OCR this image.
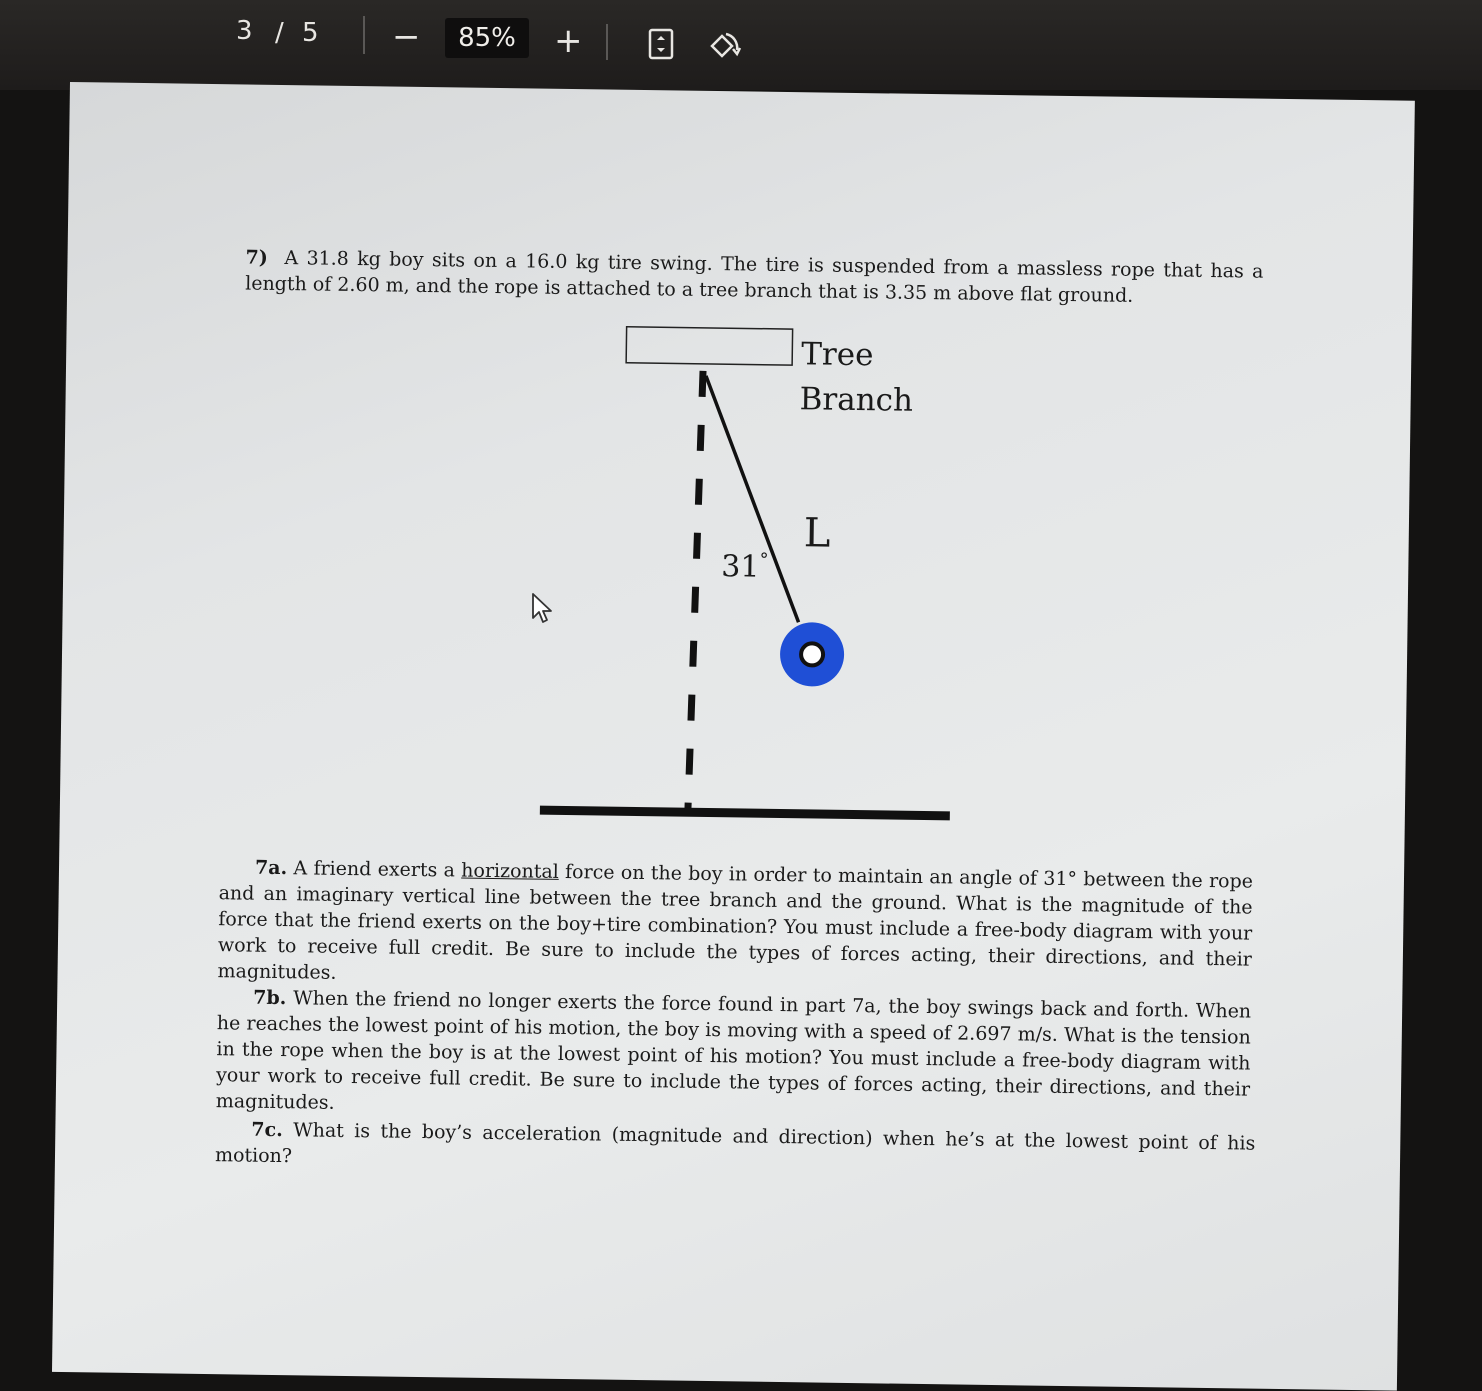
3 / 5 −	85%	+
7) A 31.8 kg boy sits on a 16.0 kg tire swing. The tire is suspended from a massless rope that has a length of 2.60 m, and the rope is attached to a tree branch that is 3.35 m above flat ground.
Tree
Branch
L
31°
7a. A friend exerts a horizontal force on the boy in order to maintain an angle of 31° between the rope and an imaginary vertical line between the tree branch and the ground. What is the magnitude of the force that the friend exerts on the boy+tire combination? You must include a free-body diagram with your work to receive full credit. Be sure to include the types of forces acting, their directions, and their magnitudes.
7b. When the friend no longer exerts the force found in part 7a, the boy swings back and forth. When he reaches the lowest point of his motion, the boy is moving with a speed of 2.697 m/s. What is the tension in the rope when the boy is at the lowest point of his motion? You must include a free-body diagram with your work to receive full credit. Be sure to include the types of forces acting, their directions, and their magnitudes.
7c. What is the boy’s acceleration (magnitude and direction) when he’s at the lowest point of his motion?
